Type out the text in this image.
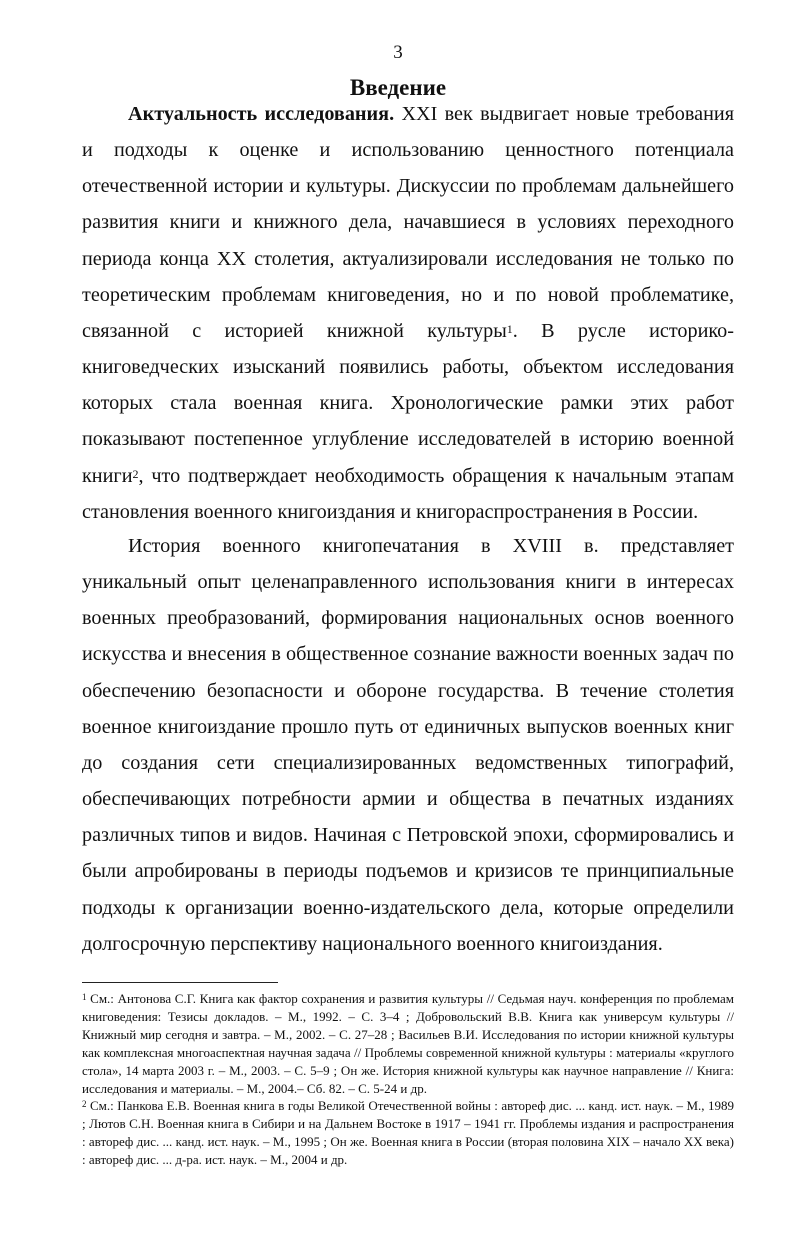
3
Введение
Актуальность исследования. XXI век выдвигает новые требования и подходы к оценке и использованию ценностного потенциала отечественной истории и культуры. Дискуссии по проблемам дальнейшего развития книги и книжного дела, начавшиеся в условиях переходного периода конца XX столетия, актуализировали исследования не только по теоретическим проблемам книговедения, но и по новой проблематике, связанной с историей книжной культуры$^1$. В русле историко-книговедческих изысканий появились работы, объектом исследования которых стала военная книга. Хронологические рамки этих работ показывают постепенное углубление исследователей в историю военной книги$^2$, что подтверждает необходимость обращения к начальным этапам становления военного книгоиздания и книгораспространения в России.
История военного книгопечатания в XVIII в. представляет уникальный опыт целенаправленного использования книги в интересах военных преобразований, формирования национальных основ военного искусства и внесения в общественное сознание важности военных задач по обеспечению безопасности и обороне государства. В течение столетия военное книгоиздание прошло путь от единичных выпусков военных книг до создания сети специализированных ведомственных типографий, обеспечивающих потребности армии и общества в печатных изданиях различных типов и видов. Начиная с Петровской эпохи, сформировались и были апробированы в периоды подъемов и кризисов те принципиальные подходы к организации военно-издательского дела, которые определили долгосрочную перспективу национального военного книгоиздания.

$^1$ См.: Антонова С.Г. Книга как фактор сохранения и развития культуры // Седьмая науч. конференция по проблемам книговедения: Тезисы докладов. – М., 1992. – С. 3–4 ; Добровольский В.В. Книга как универсум культуры // Книжный мир сегодня и завтра. – М., 2002. – С. 27–28 ; Васильев В.И. Исследования по истории книжной культуры как комплексная многоаспектная научная задача // Проблемы современной книжной культуры : материалы «круглого стола», 14 марта 2003 г. – М., 2003. – С. 5–9 ; Он же. История книжной культуры как научное направление // Книга: исследования и материалы. – М., 2004.– Сб. 82. – С. 5-24 и др.

$^2$ См.: Панкова Е.В. Военная книга в годы Великой Отечественной войны : автореф дис. ... канд. ист. наук. – М., 1989 ; Лютов С.Н. Военная книга в Сибири и на Дальнем Востоке в 1917 – 1941 гг. Проблемы издания и распространения : автореф дис. ... канд. ист. наук. – М., 1995 ; Он же. Военная книга в России (вторая половина XIX – начало XX века) : автореф дис. ... д-ра. ист. наук. – М., 2004 и др.
